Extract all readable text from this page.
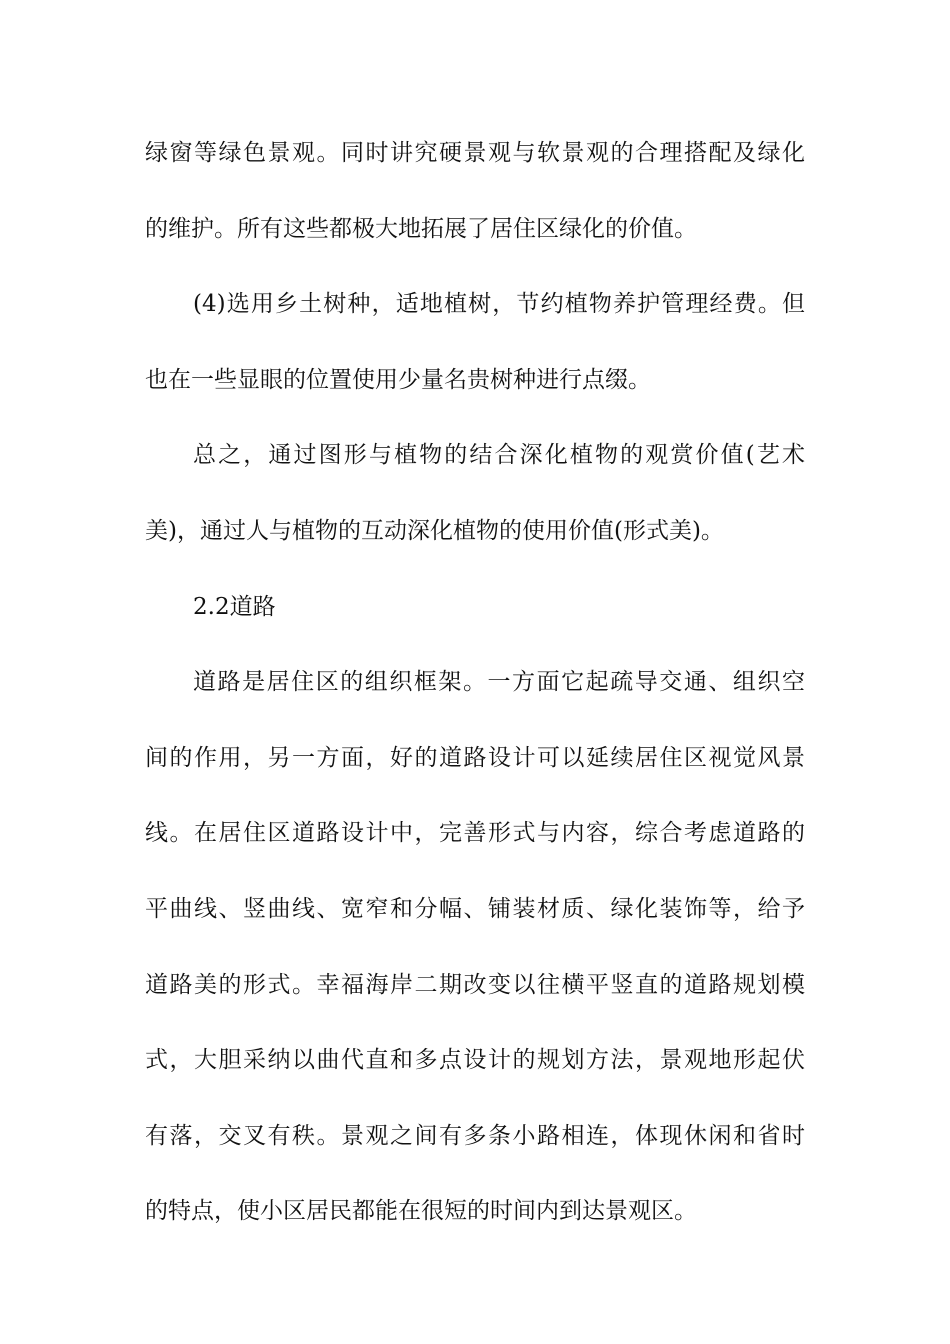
绿窗等绿色景观。同时讲究硬景观与软景观的合理搭配及绿化
的维护。所有这些都极大地拓展了居住区绿化的价值。
(4)选用乡土树种，适地植树，节约植物养护管理经费。但
也在一些显眼的位置使用少量名贵树种进行点缀。
总之，通过图形与植物的结合深化植物的观赏价值(艺术
美)，通过人与植物的互动深化植物的使用价值(形式美)。
2.2道路
道路是居住区的组织框架。一方面它起疏导交通、组织空
间的作用，另一方面，好的道路设计可以延续居住区视觉风景
线。在居住区道路设计中，完善形式与内容，综合考虑道路的
平曲线、竖曲线、宽窄和分幅、铺装材质、绿化装饰等，给予
道路美的形式。幸福海岸二期改变以往横平竖直的道路规划模
式，大胆采纳以曲代直和多点设计的规划方法，景观地形起伏
有落，交叉有秩。景观之间有多条小路相连，体现休闲和省时
的特点，使小区居民都能在很短的时间内到达景观区。
